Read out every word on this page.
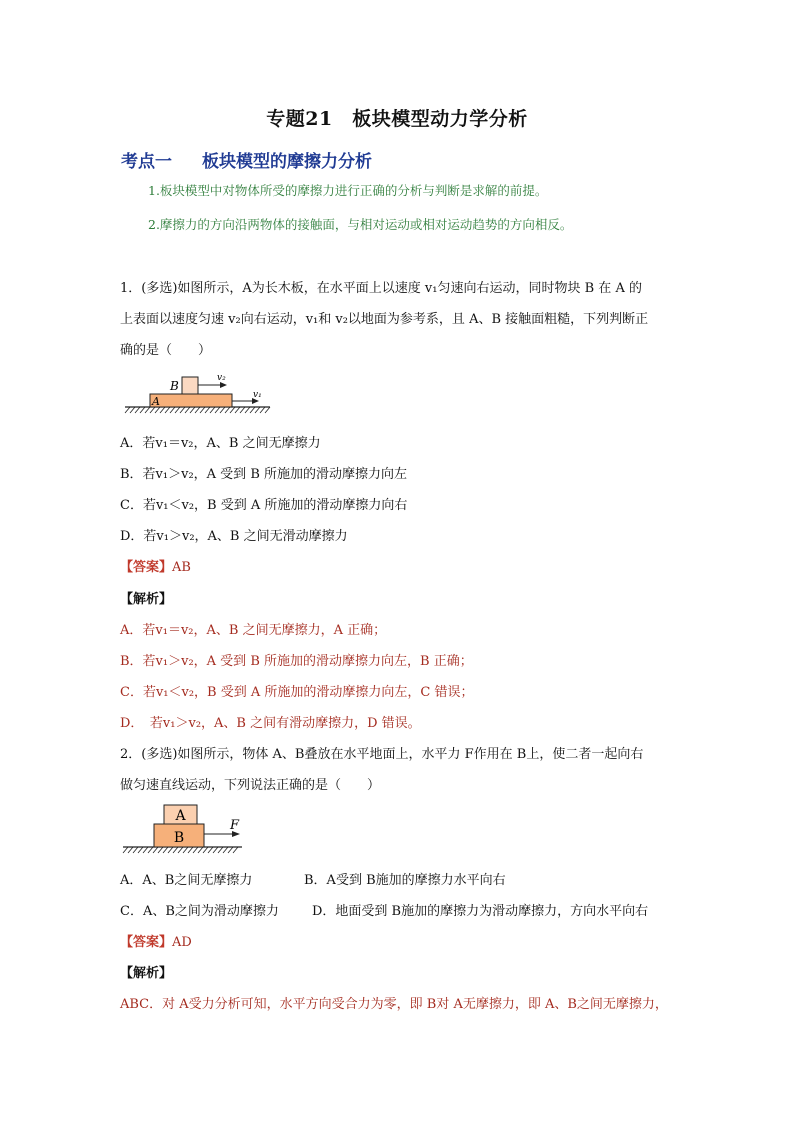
专题21　板块模型动力学分析
考点一 板块模型的摩擦力分析
1.板块模型中对物体所受的摩擦力进行正确的分析与判断是求解的前提。
2.摩擦力的方向沿两物体的接触面，与相对运动或相对运动趋势的方向相反。
1．(多选)如图所示，A为长木板，在水平面上以速度 v₁匀速向右运动，同时物块 B 在 A 的
上表面以速度匀速 v₂向右运动，v₁和 v₂以地面为参考系，且 A、B 接触面粗糙，下列判断正
确的是（　　）
B
A
v₂
v₁
A．若v₁＝v₂，A、B 之间无摩擦力
B．若v₁＞v₂，A 受到 B 所施加的滑动摩擦力向左
C．若v₁＜v₂，B 受到 A 所施加的滑动摩擦力向右
D．若v₁＞v₂，A、B 之间无滑动摩擦力
【答案】AB
【解析】
A．若v₁＝v₂，A、B 之间无摩擦力，A 正确；
B．若v₁＞v₂，A 受到 B 所施加的滑动摩擦力向左，B 正确；
C．若v₁＜v₂，B 受到 A 所施加的滑动摩擦力向左，C 错误；
D．　若v₁＞v₂，A、B 之间有滑动摩擦力，D 错误。
2．(多选)如图所示，物体 A、B叠放在水平地面上，水平力 F作用在 B上，使二者一起向右
做匀速直线运动，下列说法正确的是（　　）
A
B
F
A．A、B之间无摩擦力	B．A受到 B施加的摩擦力水平向右
C．A、B之间为滑动摩擦力	D．地面受到 B施加的摩擦力为滑动摩擦力，方向水平向右
【答案】AD
【解析】
ABC．对 A受力分析可知，水平方向受合力为零，即 B对 A无摩擦力，即 A、B之间无摩擦力，
